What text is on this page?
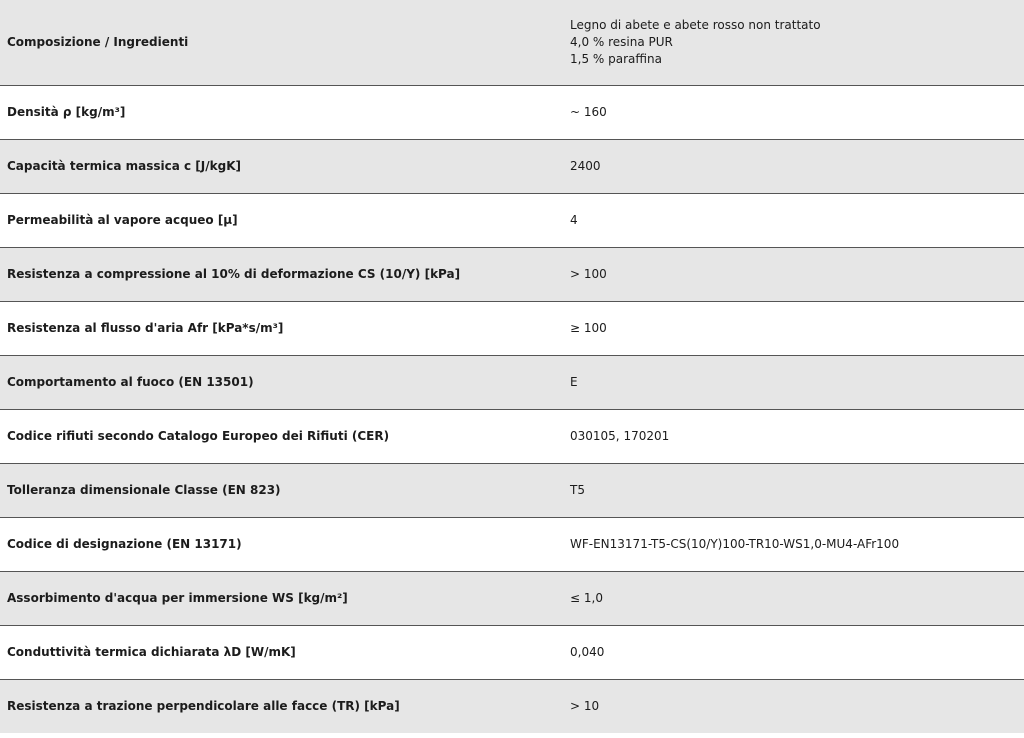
Composizione / Ingredienti	Legno di abete e abete rosso non trattato
4,0 % resina PUR
1,5 % paraffina

Densità ρ [kg/m³]	~ 160
Capacità termica massica c [J/kgK]	2400
Permeabilità al vapore acqueo [μ]	4
Resistenza a compressione al 10% di deformazione CS (10/Y) [kPa]	> 100
Resistenza al flusso d'aria Afr [kPa*s/m³]	≥ 100
Comportamento al fuoco (EN 13501)	E
Codice rifiuti secondo Catalogo Europeo dei Rifiuti (CER)	030105, 170201
Tolleranza dimensionale Classe (EN 823)	T5
Codice di designazione (EN 13171)	WF-EN13171-T5-CS(10/Y)100-TR10-WS1,0-MU4-AFr100
Assorbimento d'acqua per immersione WS [kg/m²]	≤ 1,0
Conduttività termica dichiarata λD [W/mK]	0,040
Resistenza a trazione perpendicolare alle facce (TR) [kPa]	> 10
